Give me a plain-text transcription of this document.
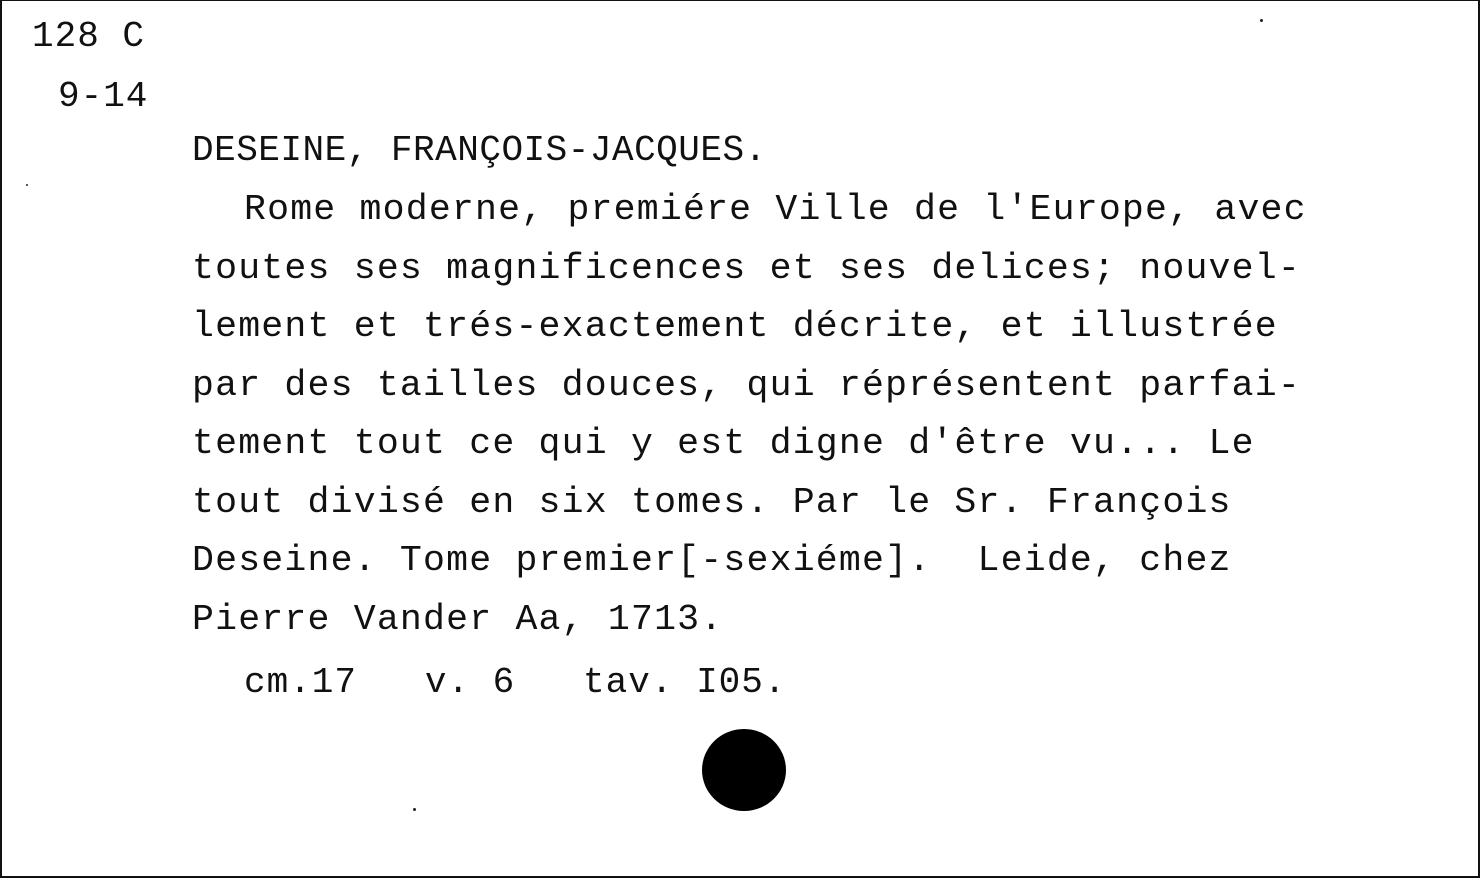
128 C
9-14
DESEINE, FRANÇOIS-JACQUES.
Rome moderne, premiére Ville de l'Europe, avec
toutes ses magnificences et ses delices; nouvel-
lement et trés-exactement décrite, et illustrée
par des tailles douces, qui réprésentent parfai-
tement tout ce qui y est digne d'être vu... Le
tout divisé en six tomes. Par le Sr. François
Deseine. Tome premier[-sexiéme].  Leide, chez
Pierre Vander Aa, 1713.
cm.17   v. 6   tav. I05.
